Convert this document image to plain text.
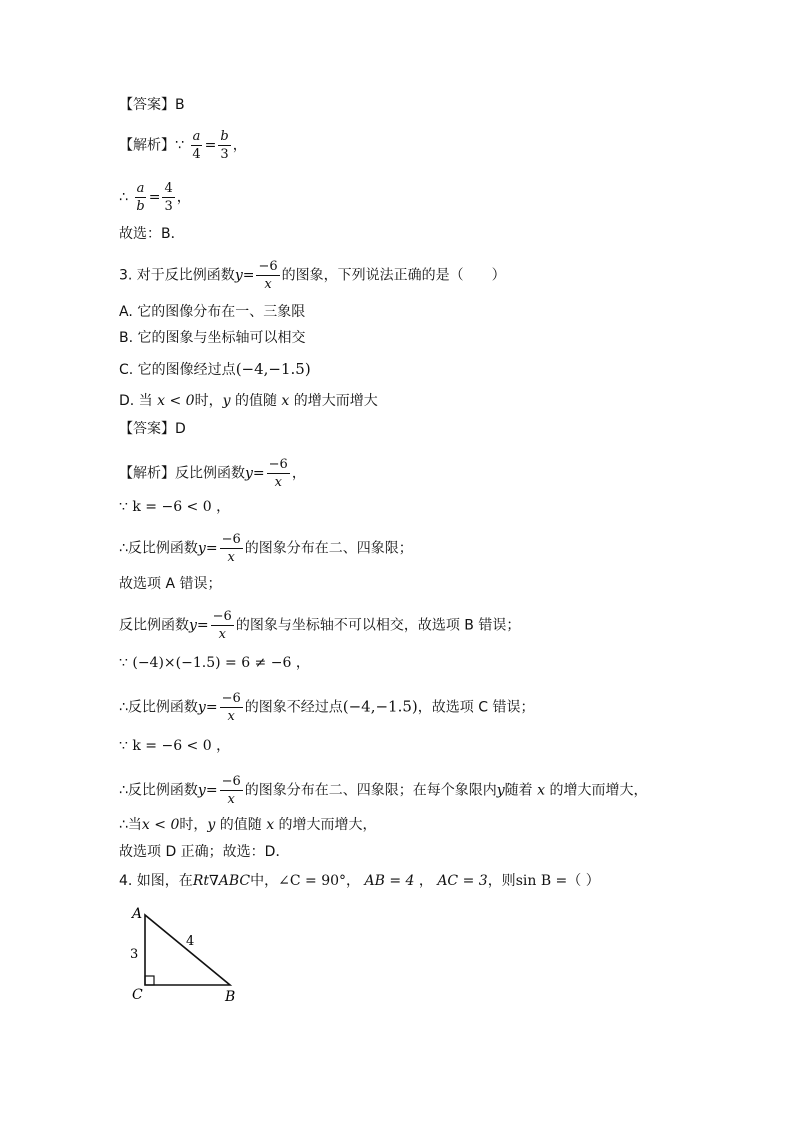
【答案】B
【解析】∵ $\frac{a}{4} = \frac{b}{3}$ ，
∴ $\frac{a}{b} = \frac{4}{3}$ ，
故选：B．
3. 对于反比例函数$y= \frac{-6}{x}$ 的图象，下列说法正确的是（　　）
A. 它的图像分布在一、三象限
B. 它的图象与坐标轴可以相交
C. 它的图像经过点(−4,−1.5)
D. 当 x < 0时，y 的值随 x 的增大而增大
【答案】D
【解析】反比例函数$y= \frac{-6}{x}$ ，
∵ k = −6 < 0 ，
∴反比例函数$y= \frac{-6}{x}$ 的图象分布在二、四象限；
故选项 A 错误；
反比例函数$y= \frac{-6}{x}$ 的图象与坐标轴不可以相交，故选项 B 错误；
∵ (−4)×(−1.5) = 6 ≠ −6 ，
∴反比例函数$y= \frac{-6}{x}$ 的图象不经过点(−4,−1.5)，故选项 C 错误；
∵ k = −6 < 0 ，
∴反比例函数$y= \frac{-6}{x}$ 的图象分布在二、四象限；在每个象限内y随着 x 的增大而增大，
∴当x < 0时，y 的值随 x 的增大而增大，
故选项 D 正确；故选：D．
4. 如图，在Rt∇ABC中，∠C = 90°， AB = 4 ， AC = 3，则sin B =（ ）
A
B
C
3
4
